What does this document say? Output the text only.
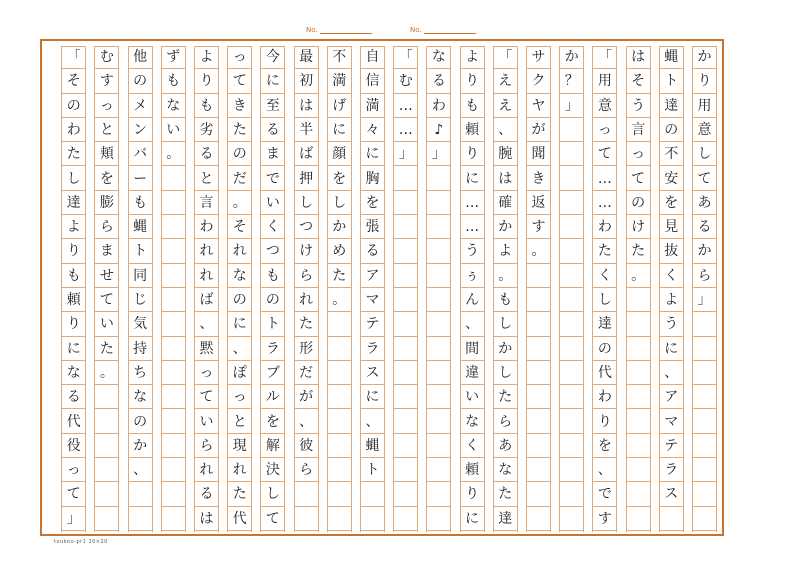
No.	No.
か
り
用
意
し
て
あ
る
か
ら
」
蝿
ト
達
の
不
安
を
見
抜
く
よ
う
に
、
ア
マ
テ
ラ
ス
は
そ
う
言
っ
て
の
け
た
。
「
用
意
っ
て
…
…
わ
た
く
し
達
の
代
わ
り
を
、
で
す
か
？
」
サ
ク
ヤ
が
聞
き
返
す
。
「
え
え
、
腕
は
確
か
よ
。
も
し
か
し
た
ら
あ
な
た
達
よ
り
も
頼
り
に
…
…
う
ぅ
ん
、
間
違
い
な
く
頼
り
に
な
る
わ
♪
」
「
む
…
…
」
自
信
満
々
に
胸
を
張
る
ア
マ
テ
ラ
ス
に
、
蝿
ト
不
満
げ
に
顔
を
し
か
め
た
。
最
初
は
半
ば
押
し
つ
け
ら
れ
た
形
だ
が
、
彼
ら
今
に
至
る
ま
で
い
く
つ
も
の
ト
ラ
ブ
ル
を
解
決
し
て
っ
て
き
た
の
だ
。
そ
れ
な
の
に
、
ぽ
っ
と
現
れ
た
代
よ
り
も
劣
る
と
言
わ
れ
れ
ば
、
黙
っ
て
い
ら
れ
る
は
ず
も
な
い
。
他
の
メ
ン
バ
ー
も
蝿
ト
同
じ
気
持
ち
な
の
か
、
む
す
っ
と
頬
を
膨
ら
ま
せ
て
い
た
。
「
そ
の
わ
た
し
達
よ
り
も
頼
り
に
な
る
代
役
っ
て
」
toukou-pr1 20×20
